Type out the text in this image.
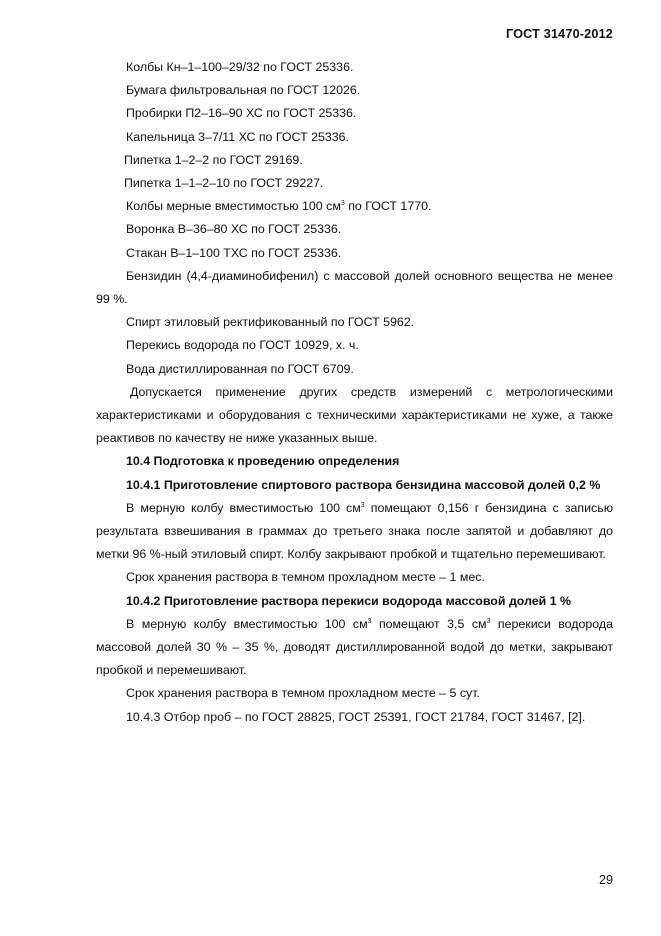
ГОСТ 31470-2012

Колбы Кн–1–100–29/32 по ГОСТ 25336.

Бумага фильтровальная по ГОСТ 12026.

Пробирки П2–16–90 ХС по ГОСТ 25336.

Капельница 3–7/11 ХС по ГОСТ 25336.

Пипетка 1–2–2 по ГОСТ 29169.

Пипетка 1–1–2–10 по ГОСТ 29227.

Колбы мерные вместимостью 100 $см^3$ по ГОСТ 1770.

Воронка В–36–80 ХС по ГОСТ 25336.

Стакан В–1–100 ТХС по ГОСТ 25336.

Бензидин (4,4-диаминобифенил) с массовой долей основного вещества не менее 99 %.

Спирт этиловый ректификованный по ГОСТ 5962.

Перекись водорода по ГОСТ 10929, х. ч.

Вода дистиллированная по ГОСТ 6709.

Допускается применение других средств измерений с метрологическими характеристиками и оборудования с техническими характеристиками не хуже, а также реактивов по качеству не ниже указанных выше.

10.4 Подготовка к проведению определения

10.4.1 Приготовление спиртового раствора бензидина массовой долей 0,2 %

В мерную колбу вместимостью 100 $см^3$ помещают 0,156 г бензидина с записью результата взвешивания в граммах до третьего знака после запятой и добавляют до метки 96 %-ный этиловый спирт. Колбу закрывают пробкой и тщательно перемешивают.

Срок хранения раствора в темном прохладном месте – 1 мес.

10.4.2 Приготовление раствора перекиси водорода массовой долей 1 %

В мерную колбу вместимостью 100 $см^3$ помещают 3,5 $см^3$ перекиси водорода массовой долей 30 % – 35 %, доводят дистиллированной водой до метки, закрывают пробкой и перемешивают.

Срок хранения раствора в темном прохладном месте – 5 сут.

10.4.3 Отбор проб – по ГОСТ 28825, ГОСТ 25391, ГОСТ 21784, ГОСТ 31467, [2].

29
